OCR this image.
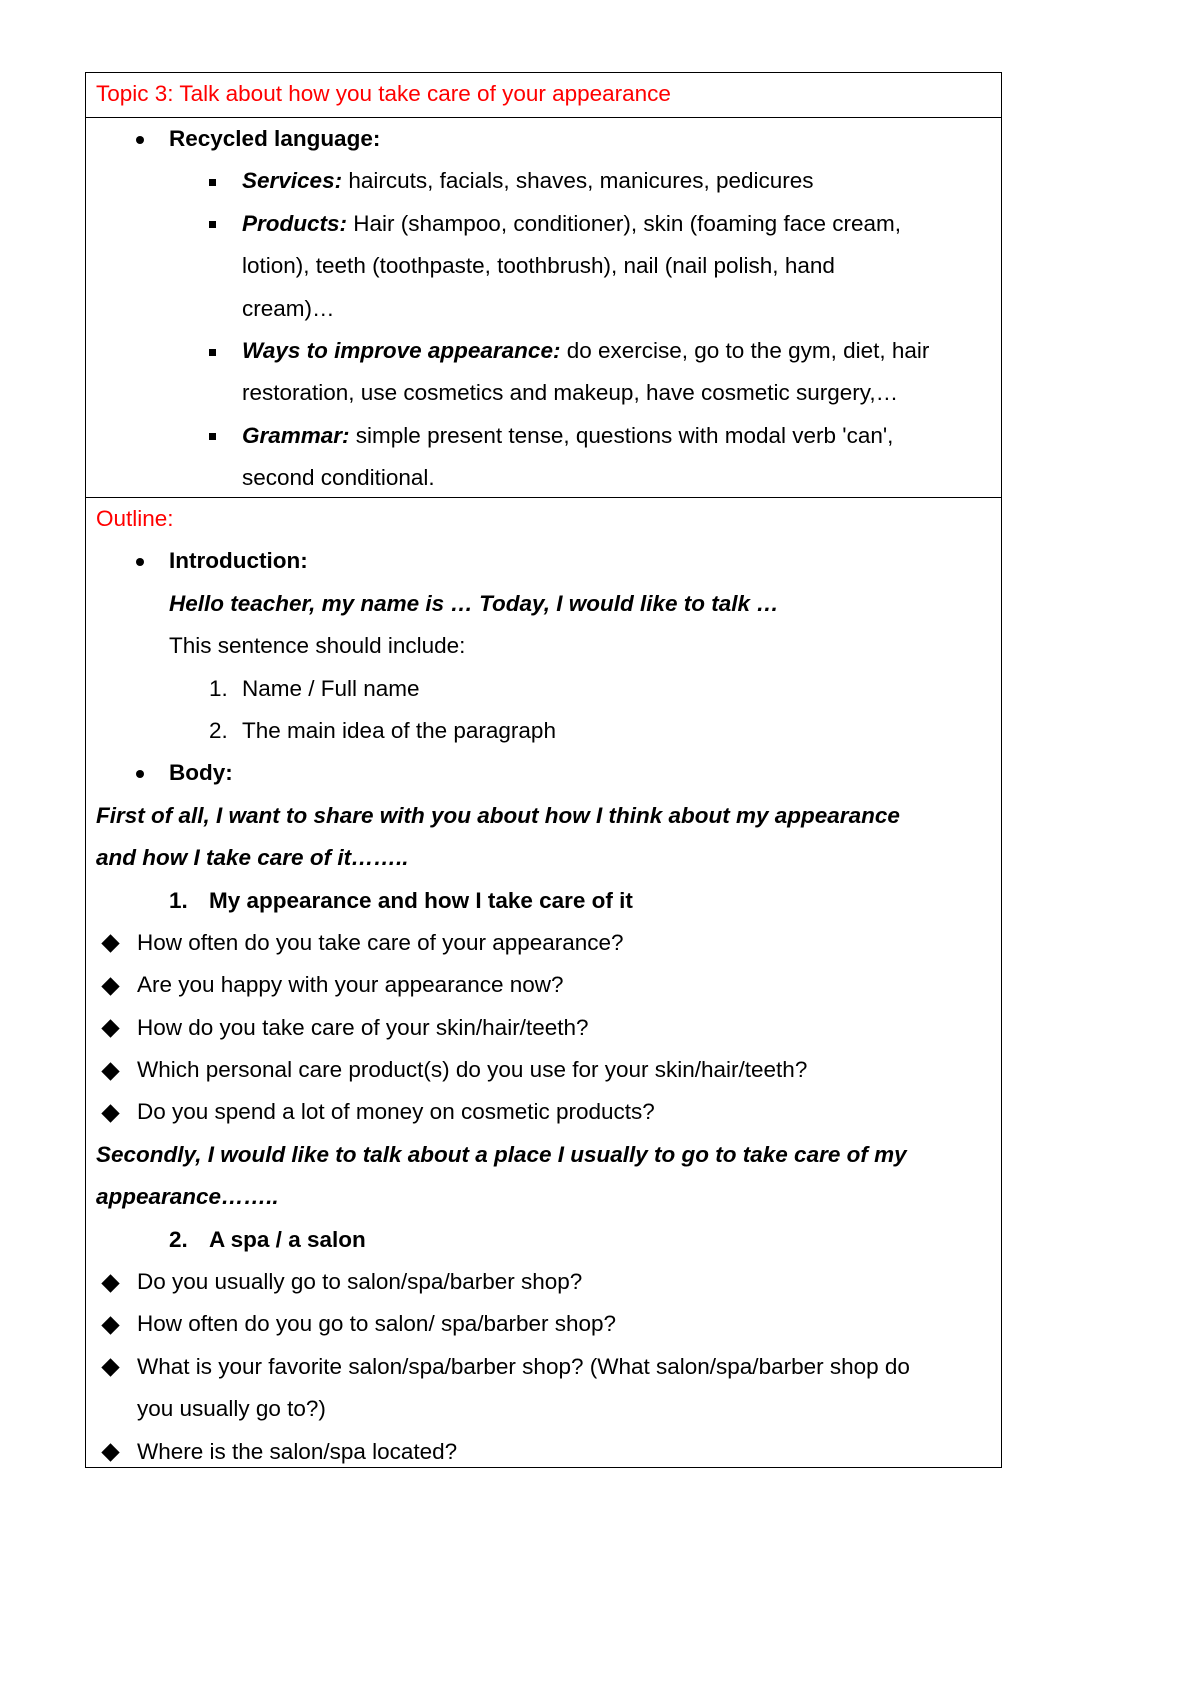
Topic 3: Talk about how you take care of your appearance
Recycled language:
Services: haircuts, facials, shaves, manicures, pedicures
Products: Hair (shampoo, conditioner), skin (foaming face cream,
lotion), teeth (toothpaste, toothbrush), nail (nail polish, hand
cream)…
Ways to improve appearance: do exercise, go to the gym, diet, hair
restoration, use cosmetics and makeup, have cosmetic surgery,…
Grammar: simple present tense, questions with modal verb 'can',
second conditional.
Outline:
Introduction:
Hello teacher, my name is … Today, I would like to talk …
This sentence should include:
1. Name / Full name
2. The main idea of the paragraph
Body:
First of all, I want to share with you about how I think about my appearance
and how I take care of it……..
1. My appearance and how I take care of it
How often do you take care of your appearance?
Are you happy with your appearance now?
How do you take care of your skin/hair/teeth?
Which personal care product(s) do you use for your skin/hair/teeth?
Do you spend a lot of money on cosmetic products?
Secondly, I would like to talk about a place I usually to go to take care of my
appearance……..
2. A spa / a salon
Do you usually go to salon/spa/barber shop?
How often do you go to salon/ spa/barber shop?
What is your favorite salon/spa/barber shop? (What salon/spa/barber shop do
you usually go to?)
Where is the salon/spa located?
